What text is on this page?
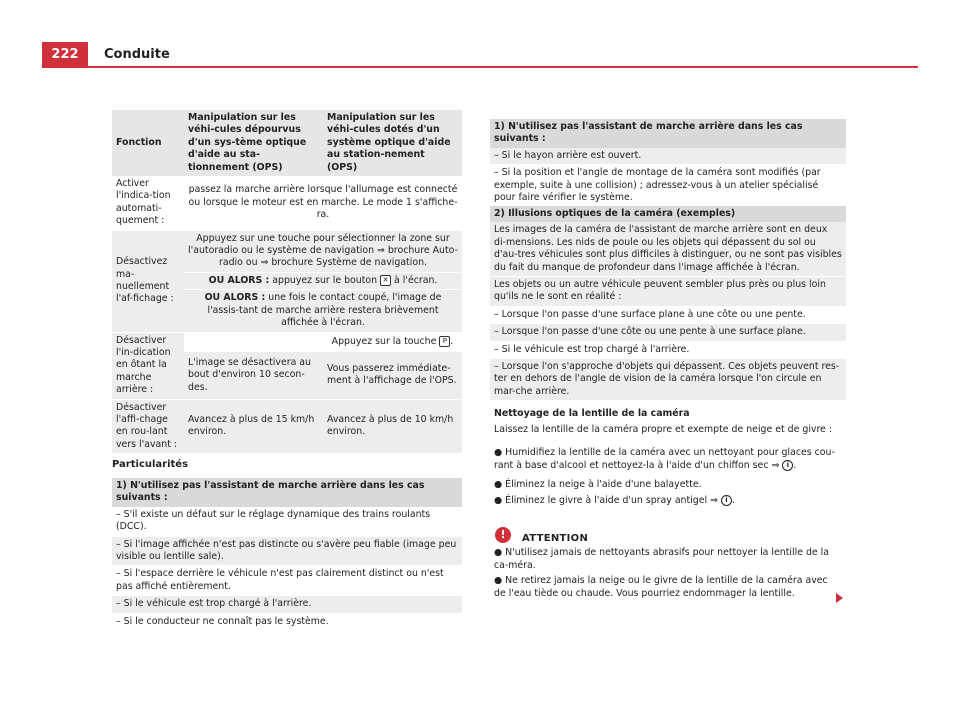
222	Conduite
Fonction	Manipulation sur les véhi-cules dépourvus d'un sys-tème optique d'aide au sta-tionnement (OPS)	Manipulation sur les véhi-cules dotés d'un système optique d'aide au station-nement (OPS)
Activer l'indica-tion automati-quement :	passez la marche arrière lorsque l'allumage est connecté ou lorsque le moteur est en marche. Le mode 1 s'affiche-ra.	
Désactivez ma-nuellement l'af-fichage :	Appuyez sur une touche pour sélectionner la zone sur l'autoradio ou le système de navigation ⇒ brochure Auto-radio ou ⇒ brochure Système de navigation.	
	OU ALORS : appuyez sur le bouton ✕ à l'écran.	
	OU ALORS : une fois le contact coupé, l'image de l'assis-tant de marche arrière restera brièvement affichée à l'écran.	
Désactiver l'in-dication en ôtant la marche arrière :		Appuyez sur la touche P .
	L'image se désactivera au bout d'environ 10 secon-des.	Vous passerez immédiate-ment à l'affichage de l'OPS.
Désactiver l'affi-chage en rou-lant vers l'avant :	Avancez à plus de 15 km/h environ.	Avancez à plus de 10 km/h environ.
Particularités
1) N'utilisez pas l'assistant de marche arrière dans les cas suivants :
– S'il existe un défaut sur le réglage dynamique des trains roulants (DCC).
– Si l'image affichée n'est pas distincte ou s'avère peu fiable (image peu visible ou lentille sale).
– Si l'espace derrière le véhicule n'est pas clairement distinct ou n'est pas affiché entièrement.
– Si le véhicule est trop chargé à l'arrière.
– Si le conducteur ne connaît pas le système.
1) N'utilisez pas l'assistant de marche arrière dans les cas suivants :
– Si le hayon arrière est ouvert.
– Si la position et l'angle de montage de la caméra sont modifiés (par exemple, suite à une collision) ; adressez-vous à un atelier spécialisé pour faire vérifier le système.
2) Illusions optiques de la caméra (exemples)
Les images de la caméra de l'assistant de marche arrière sont en deux di-mensions. Les nids de poule ou les objets qui dépassent du sol ou d'au-tres véhicules sont plus difficiles à distinguer, ou ne sont pas visibles du fait du manque de profondeur dans l'image affichée à l'écran.
Les objets ou un autre véhicule peuvent sembler plus près ou plus loin qu'ils ne le sont en réalité :
– Lorsque l'on passe d'une surface plane à une côte ou une pente.
– Lorsque l'on passe d'une côte ou une pente à une surface plane.
– Si le véhicule est trop chargé à l'arrière.
– Lorsque l'on s'approche d'objets qui dépassent. Ces objets peuvent res-ter en dehors de l'angle de vision de la caméra lorsque l'on circule en mar-che arrière.
Nettoyage de la lentille de la caméra
Laissez la lentille de la caméra propre et exempte de neige et de givre :
● Humidifiez la lentille de la caméra avec un nettoyant pour glaces cou-rant à base d'alcool et nettoyez-la à l'aide d'un chiffon sec ⇒ i .
● Éliminez la neige à l'aide d'une balayette.
● Éliminez le givre à l'aide d'un spray antigel ⇒ i .
!	ATTENTION
● N'utilisez jamais de nettoyants abrasifs pour nettoyer la lentille de la ca-méra.
● Ne retirez jamais la neige ou le givre de la lentille de la caméra avec de l'eau tiède ou chaude. Vous pourriez endommager la lentille.
